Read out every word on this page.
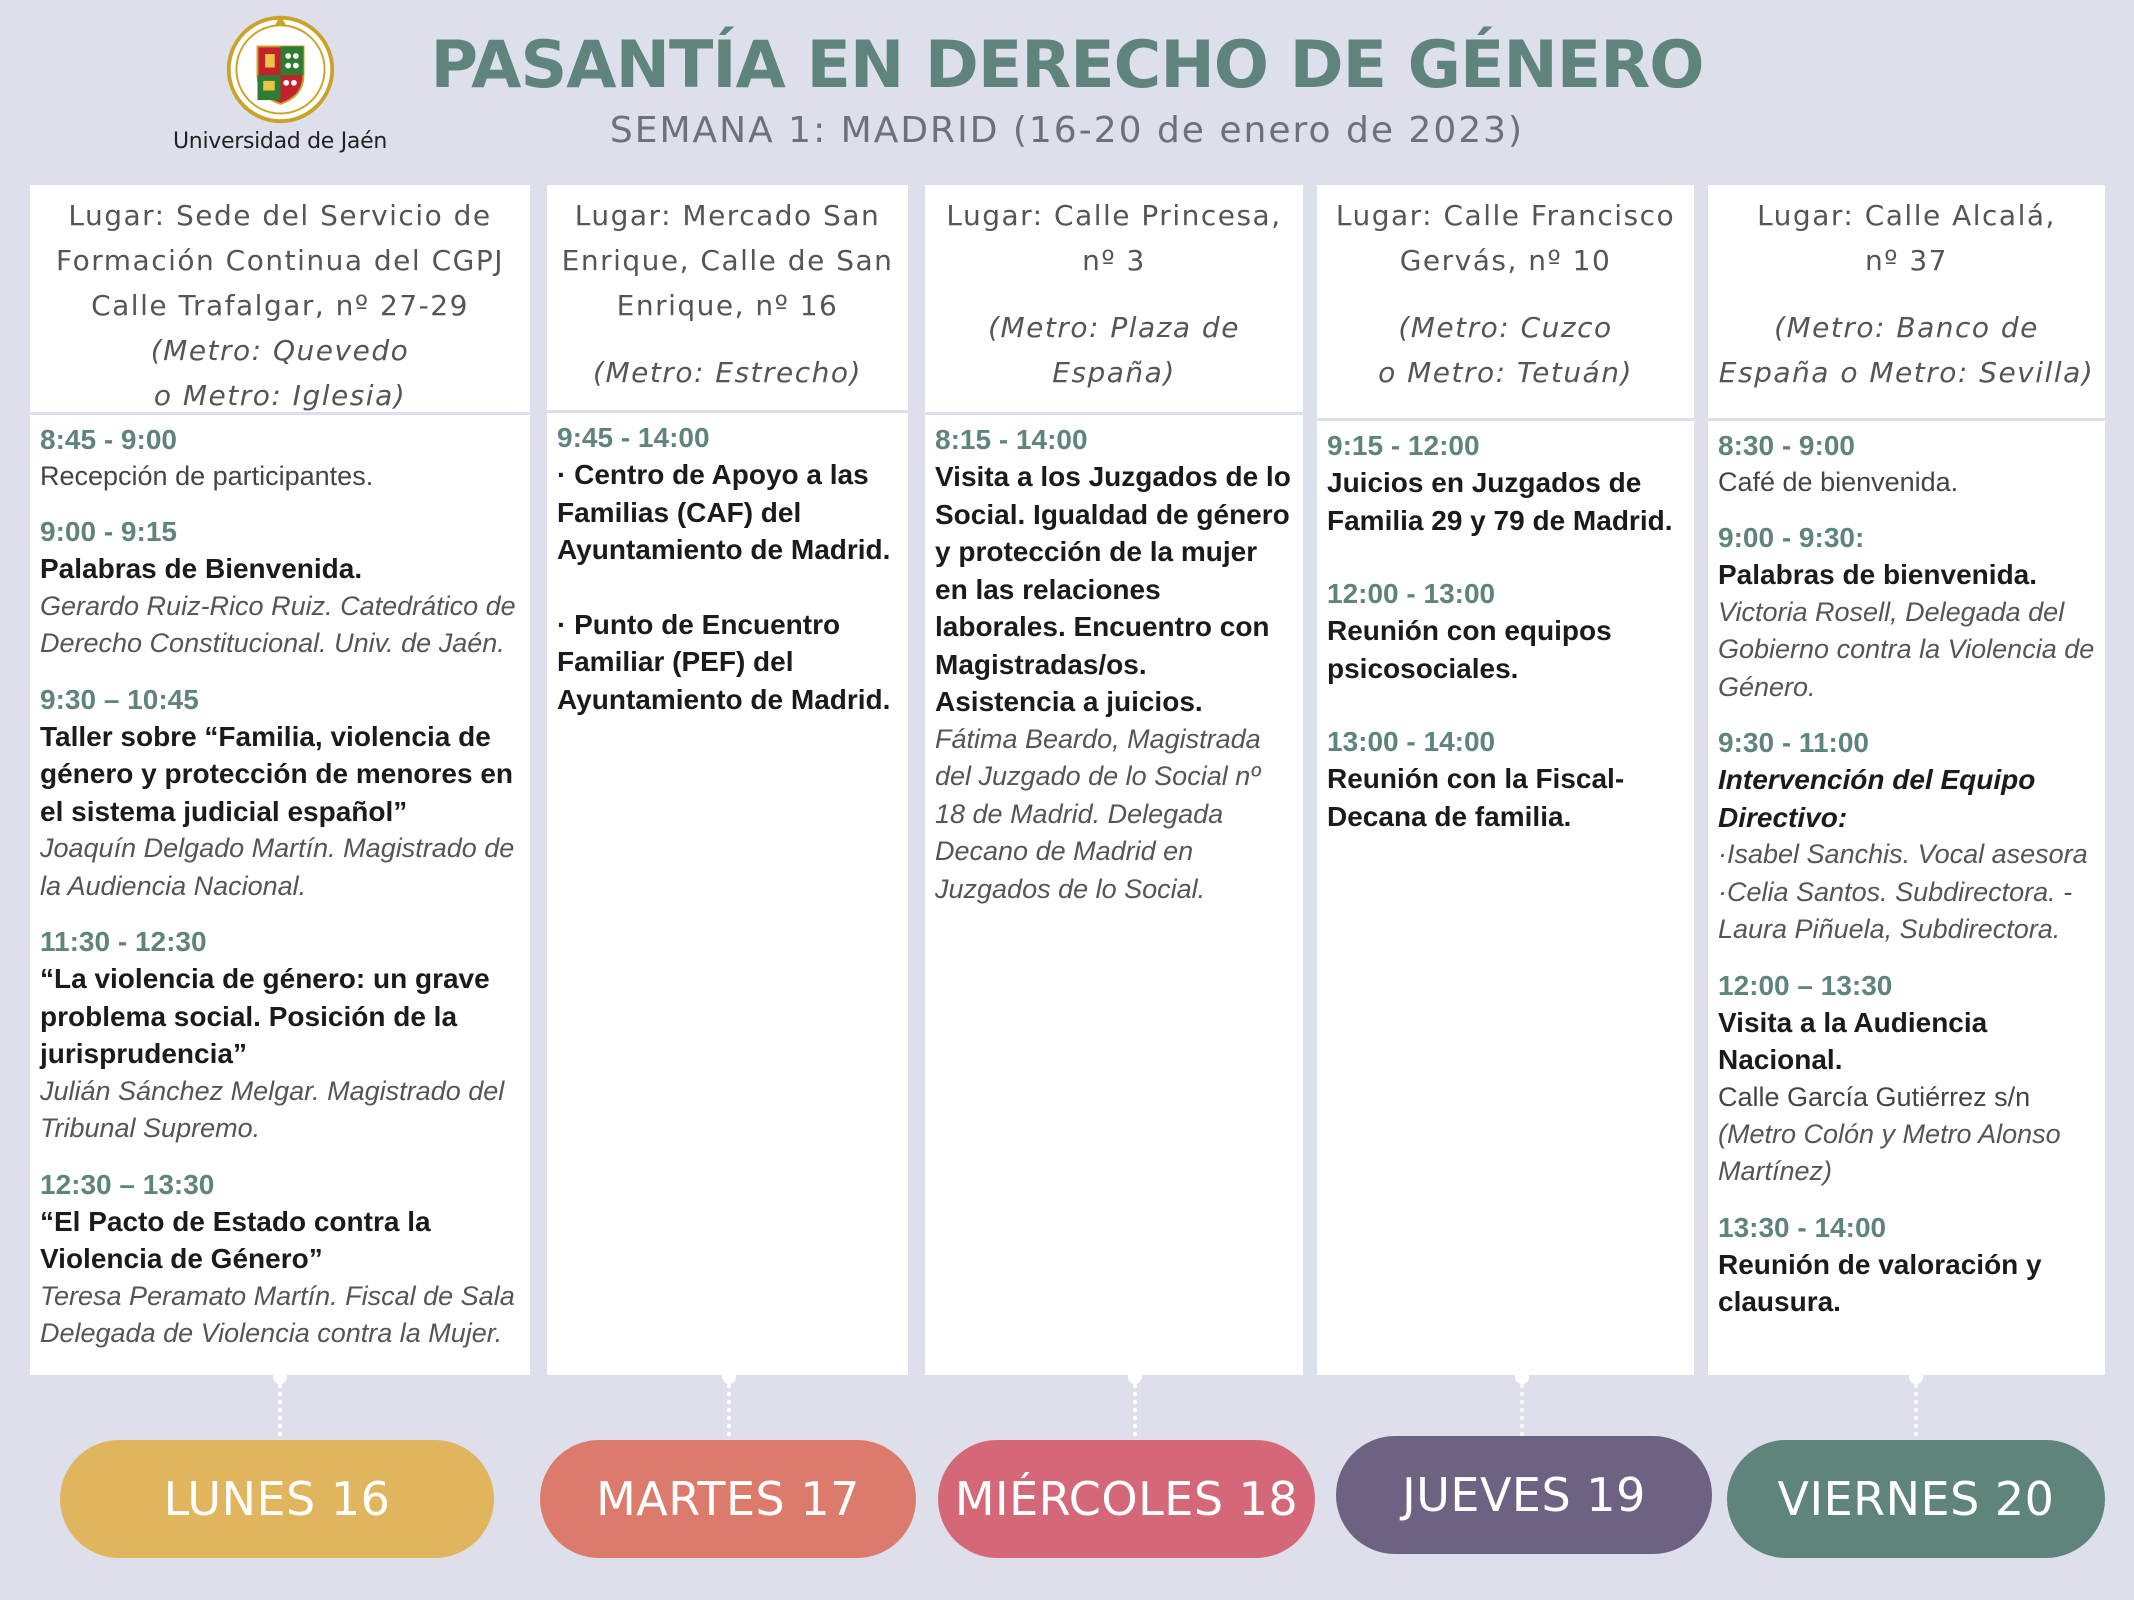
Universidad de Jaén
PASANTÍA EN DERECHO DE GÉNERO
SEMANA 1: MADRID (16-20 de enero de 2023)
Lugar: Sede del Servicio de
Formación Continua del CGPJ
Calle Trafalgar, nº 27-29
(Metro: Quevedo
o Metro: Iglesia)
8:45 - 9:00
Recepción de participantes.
9:00 - 9:15
Palabras de Bienvenida.
Gerardo Ruiz-Rico Ruiz. Catedrático de Derecho Constitucional. Univ. de Jaén.
9:30 – 10:45
Taller sobre “Familia, violencia de género y protección de menores en el sistema judicial español”
Joaquín Delgado Martín. Magistrado de la Audiencia Nacional.
11:30 - 12:30
“La violencia de género: un grave problema social. Posición de la jurisprudencia”
Julián Sánchez Melgar. Magistrado del Tribunal Supremo.
12:30 – 13:30
“El Pacto de Estado contra la Violencia de Género”
Teresa Peramato Martín. Fiscal de Sala Delegada de Violencia contra la Mujer.
Lugar: Mercado San
Enrique, Calle de San
Enrique, nº 16
(Metro: Estrecho)
9:45 - 14:00
· Centro de Apoyo a las Familias (CAF) del Ayuntamiento de Madrid.
· Punto de Encuentro Familiar (PEF) del Ayuntamiento de Madrid.
Lugar: Calle Princesa,
nº 3
(Metro: Plaza de
España)
8:15 - 14:00
Visita a los Juzgados de lo Social. Igualdad de género y protección de la mujer en las relaciones laborales. Encuentro con Magistradas/os. Asistencia a juicios.
Fátima Beardo, Magistrada del Juzgado de lo Social nº 18 de Madrid. Delegada Decano de Madrid en Juzgados de lo Social.
Lugar: Calle Francisco
Gervás, nº 10
(Metro: Cuzco
o Metro: Tetuán)
9:15 - 12:00
Juicios en Juzgados de Familia 29 y 79 de Madrid.
12:00 - 13:00
Reunión con equipos psicosociales.
13:00 - 14:00
Reunión con la Fiscal-Decana de familia.
Lugar: Calle Alcalá,
nº 37
(Metro: Banco de
España o Metro: Sevilla)
8:30 - 9:00
Café de bienvenida.
9:00 - 9:30:
Palabras de bienvenida.
Victoria Rosell, Delegada del Gobierno contra la Violencia de Género.
9:30 - 11:00
Intervención del Equipo Directivo:
·Isabel Sanchis. Vocal asesora ·Celia Santos. Subdirectora. -Laura Piñuela, Subdirectora.
12:00 – 13:30
Visita a la Audiencia Nacional.
Calle García Gutiérrez s/n
(Metro Colón y Metro Alonso Martínez)
13:30 - 14:00
Reunión de valoración y clausura.
LUNES 16	MARTES 17	MIÉRCOLES 18	JUEVES 19	VIERNES 20
